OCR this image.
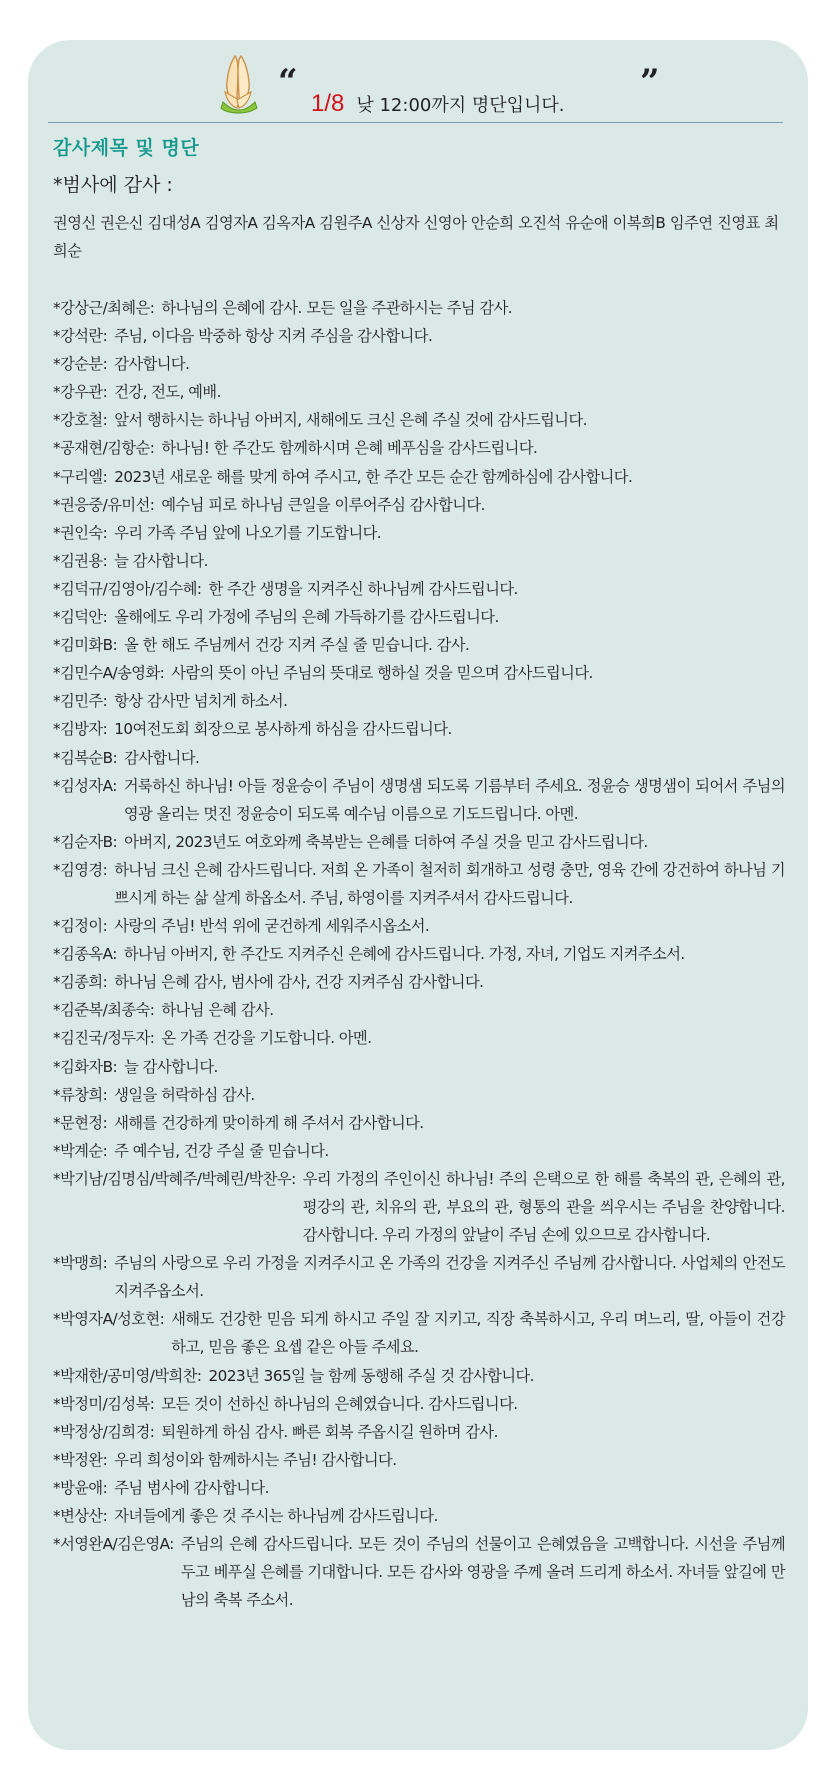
“
1/8 낮 12:00까지 명단입니다.
”
감사제목 및 명단
*범사에 감사 :
권영신 권은신 김대성A 김영자A 김옥자A 김원주A 신상자 신영아 안순희 오진석 유순애 이복희B 임주연 진영표 최희순
* 강상근/최혜은: 하나님의 은혜에 감사. 모든 일을 주관하시는 주님 감사.
* 강석란: 주님, 이다음 박중하 항상 지켜 주심을 감사합니다.
* 강순분: 감사합니다.
* 강우관: 건강, 전도, 예배.
* 강호철: 앞서 행하시는 하나님 아버지, 새해에도 크신 은혜 주실 것에 감사드립니다.
* 공재현/김항순: 하나님! 한 주간도 함께하시며 은혜 베푸심을 감사드립니다.
* 구리엘: 2023년 새로운 해를 맞게 하여 주시고, 한 주간 모든 순간 함께하심에 감사합니다.
* 권응중/유미선: 예수님 피로 하나님 큰일을 이루어주심 감사합니다.
* 권인숙: 우리 가족 주님 앞에 나오기를 기도합니다.
* 김권용: 늘 감사합니다.
* 김덕규/김영아/김수혜: 한 주간 생명을 지켜주신 하나님께 감사드립니다.
* 김덕안: 올해에도 우리 가정에 주님의 은혜 가득하기를 감사드립니다.
* 김미화B: 올 한 해도 주님께서 건강 지켜 주실 줄 믿습니다. 감사.
* 김민수A/송영화: 사람의 뜻이 아닌 주님의 뜻대로 행하실 것을 믿으며 감사드립니다.
* 김민주: 항상 감사만 넘치게 하소서.
* 김방자: 10여전도회 회장으로 봉사하게 하심을 감사드립니다.
* 김복순B: 감사합니다.
* 김성자A: 거룩하신 하나님! 아들 정윤승이 주님이 생명샘 되도록 기름부터 주세요. 정윤승 생명샘이 되어서 주님의 영광 올리는 멋진 정윤승이 되도록 예수님 이름으로 기도드립니다. 아멘.
* 김순자B: 아버지, 2023년도 여호와께 축복받는 은혜를 더하여 주실 것을 믿고 감사드립니다.
* 김영경: 하나님 크신 은혜 감사드립니다. 저희 온 가족이 철저히 회개하고 성령 충만, 영육 간에 강건하여 하나님 기쁘시게 하는 삶 살게 하옵소서. 주님, 하영이를 지켜주셔서 감사드립니다.
* 김정이: 사랑의 주님! 반석 위에 굳건하게 세워주시옵소서.
* 김종옥A: 하나님 아버지, 한 주간도 지켜주신 은혜에 감사드립니다. 가정, 자녀, 기업도 지켜주소서.
* 김종희: 하나님 은혜 감사, 범사에 감사, 건강 지켜주심 감사합니다.
* 김준복/최종숙: 하나님 은혜 감사.
* 김진국/정두자: 온 가족 건강을 기도합니다. 아멘.
* 김화자B: 늘 감사합니다.
* 류창희: 생일을 허락하심 감사.
* 문현정: 새해를 건강하게 맞이하게 해 주셔서 감사합니다.
* 박계순: 주 예수님, 건강 주실 줄 믿습니다.
* 박기남/김명심/박혜주/박혜린/박찬우: 우리 가정의 주인이신 하나님! 주의 은택으로 한 해를 축복의 관, 은혜의 관, 평강의 관, 치유의 관, 부요의 관, 형통의 관을 씌우시는 주님을 찬양합니다. 감사합니다. 우리 가정의 앞날이 주님 손에 있으므로 감사합니다.
* 박맹희: 주님의 사랑으로 우리 가정을 지켜주시고 온 가족의 건강을 지켜주신 주님께 감사합니다. 사업체의 안전도 지켜주옵소서.
* 박영자A/성호현: 새해도 건강한 믿음 되게 하시고 주일 잘 지키고, 직장 축복하시고, 우리 며느리, 딸, 아들이 건강하고, 믿음 좋은 요셉 같은 아들 주세요.
* 박재한/공미영/박희찬: 2023년 365일 늘 함께 동행해 주실 것 감사합니다.
* 박정미/김성복: 모든 것이 선하신 하나님의 은혜였습니다. 감사드립니다.
* 박정상/김희경: 퇴원하게 하심 감사. 빠른 회복 주옵시길 원하며 감사.
* 박정완: 우리 희성이와 함께하시는 주님! 감사합니다.
* 방윤애: 주님 범사에 감사합니다.
* 변상산: 자녀들에게 좋은 것 주시는 하나님께 감사드립니다.
* 서영완A/김은영A: 주님의 은혜 감사드립니다. 모든 것이 주님의 선물이고 은혜였음을 고백합니다. 시선을 주님께 두고 베푸실 은혜를 기대합니다. 모든 감사와 영광을 주께 올려 드리게 하소서. 자녀들 앞길에 만남의 축복 주소서.
